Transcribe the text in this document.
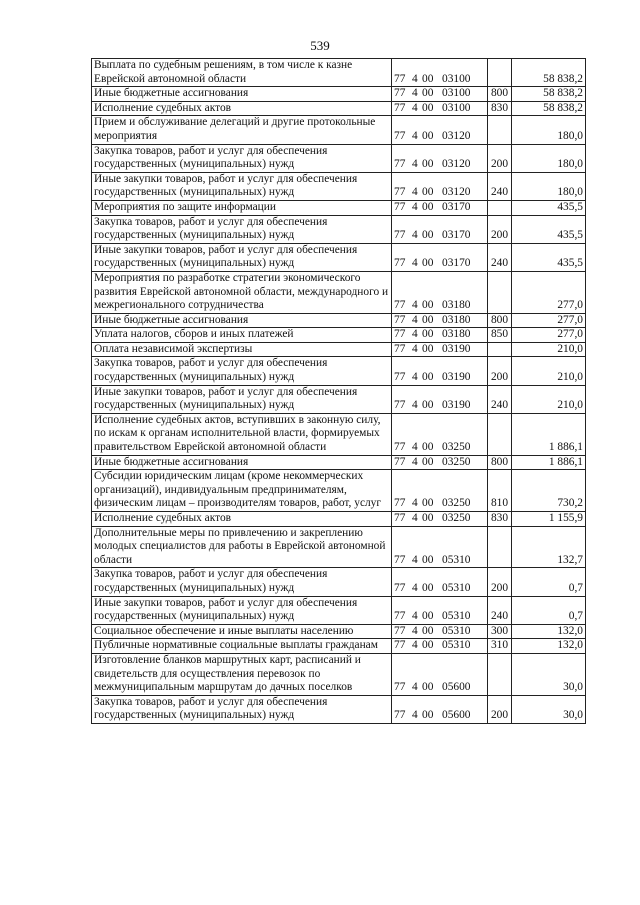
539
Выплата по судебным решениям, в том числе к казне Еврейской автономной области	77 4 00 03100		58 838,2
Иные бюджетные ассигнования	77 4 00 03100	800	58 838,2
Исполнение судебных актов	77 4 00 03100	830	58 838,2
Прием и обслуживание делегаций и другие протокольные мероприятия	77 4 00 03120		180,0
Закупка товаров, работ и услуг для обеспечения государственных (муниципальных) нужд	77 4 00 03120	200	180,0
Иные закупки товаров, работ и услуг для обеспечения государственных (муниципальных) нужд	77 4 00 03120	240	180,0
Мероприятия по защите информации	77 4 00 03170		435,5
Закупка товаров, работ и услуг для обеспечения государственных (муниципальных) нужд	77 4 00 03170	200	435,5
Иные закупки товаров, работ и услуг для обеспечения государственных (муниципальных) нужд	77 4 00 03170	240	435,5
Мероприятия по разработке стратегии экономического развития Еврейской автономной области, международного и межрегионального сотрудничества	77 4 00 03180		277,0
Иные бюджетные ассигнования	77 4 00 03180	800	277,0
Уплата налогов, сборов и иных платежей	77 4 00 03180	850	277,0
Оплата независимой экспертизы	77 4 00 03190		210,0
Закупка товаров, работ и услуг для обеспечения государственных (муниципальных) нужд	77 4 00 03190	200	210,0
Иные закупки товаров, работ и услуг для обеспечения государственных (муниципальных) нужд	77 4 00 03190	240	210,0
Исполнение судебных актов, вступивших в законную силу, по искам к органам исполнительной власти, формируемых правительством Еврейской автономной области	77 4 00 03250		1 886,1
Иные бюджетные ассигнования	77 4 00 03250	800	1 886,1
Субсидии юридическим лицам (кроме некоммерческих организаций), индивидуальным предпринимателям, физическим лицам – производителям товаров, работ, услуг	77 4 00 03250	810	730,2
Исполнение судебных актов	77 4 00 03250	830	1 155,9
Дополнительные меры по привлечению и закреплению молодых специалистов для работы в Еврейской автономной области	77 4 00 05310		132,7
Закупка товаров, работ и услуг для обеспечения государственных (муниципальных) нужд	77 4 00 05310	200	0,7
Иные закупки товаров, работ и услуг для обеспечения государственных (муниципальных) нужд	77 4 00 05310	240	0,7
Социальное обеспечение и иные выплаты населению	77 4 00 05310	300	132,0
Публичные нормативные социальные выплаты гражданам	77 4 00 05310	310	132,0
Изготовление бланков маршрутных карт, расписаний и свидетельств для осуществления перевозок по межмуниципальным маршрутам до дачных поселков	77 4 00 05600		30,0
Закупка товаров, работ и услуг для обеспечения государственных (муниципальных) нужд	77 4 00 05600	200	30,0
